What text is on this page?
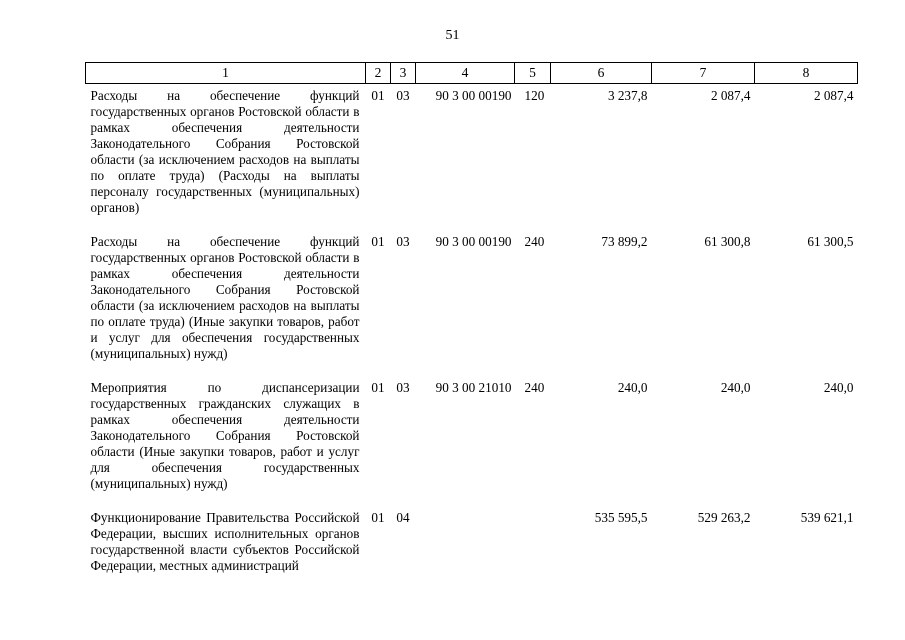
51
1	2	3	4	5	6	7	8
Расходы на обеспечение функций государственных органов Ростовской области в рамках обеспечения деятельности Законодательного Собрания Ростовской области (за исключением расходов на выплаты по оплате труда) (Расходы на выплаты персоналу государственных (муниципальных) органов)	01	03	90 3 00 00190	120	3 237,8	2 087,4	2 087,4
Расходы на обеспечение функций государственных органов Ростовской области в рамках обеспечения деятельности Законодательного Собрания Ростовской области (за исключением расходов на выплаты по оплате труда) (Иные закупки товаров, работ и услуг для обеспечения государственных (муниципальных) нужд)	01	03	90 3 00 00190	240	73 899,2	61 300,8	61 300,5
Мероприятия по диспансеризации государственных гражданских служащих в рамках обеспечения деятельности Законодательного Собрания Ростовской области (Иные закупки товаров, работ и услуг для обеспечения государственных (муниципальных) нужд)	01	03	90 3 00 21010	240	240,0	240,0	240,0
Функционирование Правительства Российской Федерации, высших исполнительных органов государственной власти субъектов Российской Федерации, местных администраций	01	04			535 595,5	529 263,2	539 621,1
